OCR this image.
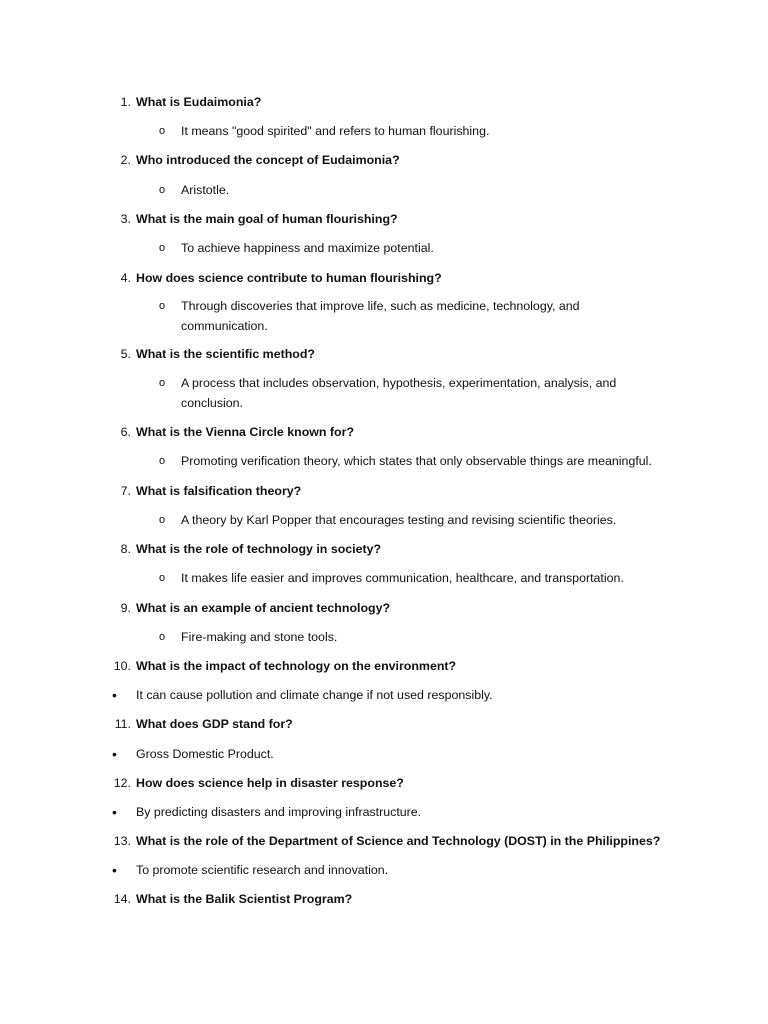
1. What is Eudaimonia?
o It means "good spirited" and refers to human flourishing.
2. Who introduced the concept of Eudaimonia?
o Aristotle.
3. What is the main goal of human flourishing?
o To achieve happiness and maximize potential.
4. How does science contribute to human flourishing?
o Through discoveries that improve life, such as medicine, technology, and communication.
5. What is the scientific method?
o A process that includes observation, hypothesis, experimentation, analysis, and conclusion.
6. What is the Vienna Circle known for?
o Promoting verification theory, which states that only observable things are meaningful.
7. What is falsification theory?
o A theory by Karl Popper that encourages testing and revising scientific theories.
8. What is the role of technology in society?
o It makes life easier and improves communication, healthcare, and transportation.
9. What is an example of ancient technology?
o Fire-making and stone tools.
10. What is the impact of technology on the environment?
• It can cause pollution and climate change if not used responsibly.
11. What does GDP stand for?
• Gross Domestic Product.
12. How does science help in disaster response?
• By predicting disasters and improving infrastructure.
13. What is the role of the Department of Science and Technology (DOST) in the Philippines?
• To promote scientific research and innovation.
14. What is the Balik Scientist Program?
